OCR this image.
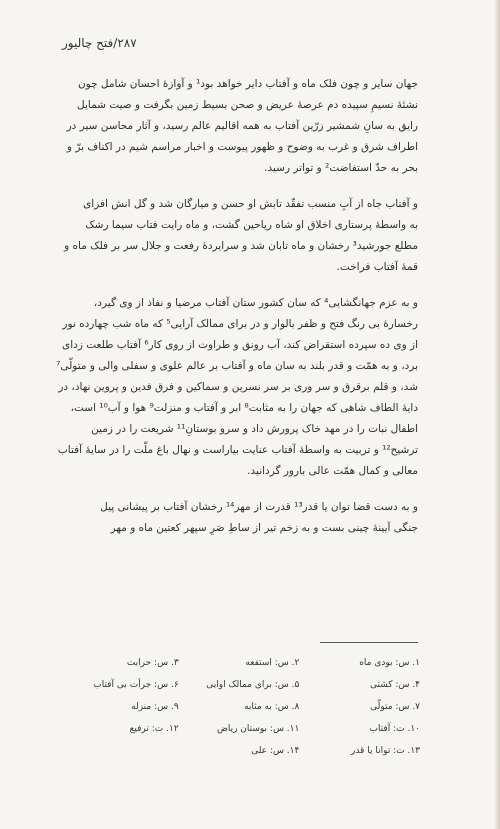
۲۸۷/فتح چالیور

جهان سایر و چون فلک ماه و آفتاب دایر خواهد بود¹ و آوازهٔ احسان شامل چون
نشئهٔ نسیمِ سپیده دم عرصهٔ عریض و صحن بسیط زمین بگرفت و صیت شمایل
رایق به سانِ شمشیر زرّین آفتاب به همه اقالیم عالم رسید، و آثار محاسن سیر در
اطراف شرق و غرب به وضوح و ظهور پیوست و اخبار مراسم شیم در اکناف برّ و
بحر به حدّ استفاضت² و تواتر رسید.

و آفتاب جاه از آبِ منسب تفقّد تابش او حسن و میارگان شد و گل انش افزای
به واسطهٔ پرستاری اخلاق او شاه ریاحین گشت، و ماه رایت فتاب سیما رشک
مطلع جورشید³ رخشان و ماه تابان شد و سرایردهٔ رفعت و جلال سر بر فلک ماه و
قمهٔ آفتاب فراخت.

و به عزم جهانگشایی⁴ که سان کشور ستان آفتاب مرضیا و نفاذ از وی گیرد،
رخسارهٔ بی رنگ فتح و ظفر بالوار و در برای ممالک آرایی⁵ که ماه شب چهارده نور
از وی ده سپرده استقراض کند، آب رونق و طراوت از روی کار⁶ آفتاب طلعت زدای
برد، و به همّت و قدر بلند به سان ماه و آفتاب بر عالم علوی و سفلی والی و متولّی⁷
شد، و قلم برقرق و سر وری بر سر نسرین و سماکین و فرق فدین و پروین نهاد، در
دایهٔ الطاف شاهی که جهان را به مثابت⁸ ابر و آفتاب و منزلت⁹ هوا و آب¹⁰ است،
اطفال نبات را در مهد خاک پرورش داد و سرو بوستانِ¹¹ شریعت را در زمین
ترشیح¹² و تربیت به واسطهٔ آفتاب عنایت بیاراست و نهال باغ ملّت را در سایهٔ آفتاب
معالی و کمال همّت عالی بارور گردانید.

و به دست قضا توان یا قدر¹³ قدرت از مهر¹⁴ رخشان آفتاب بر پیشانی پیل
جنگی آیینهٔ چینی بست و به زخم تیر از ساطِ صَرِ سپهر کعتین ماه و مهر

۱. س: بودی ماه
۲. س: استفعه
۳. س: حرابت
۴. س: کشتی
۵. س: برای ممالک اوایی
۶. س: جرأت بی آفتاب
۷. س: متولّی
۸. س: به مثابه
۹. س: منزله
۱۰. ت: آفتاب
۱۱. س: بوستان ریاض
۱۲. ت: ترفیع
۱۳. ت: توانا یا قدر
۱۴. س: علی
